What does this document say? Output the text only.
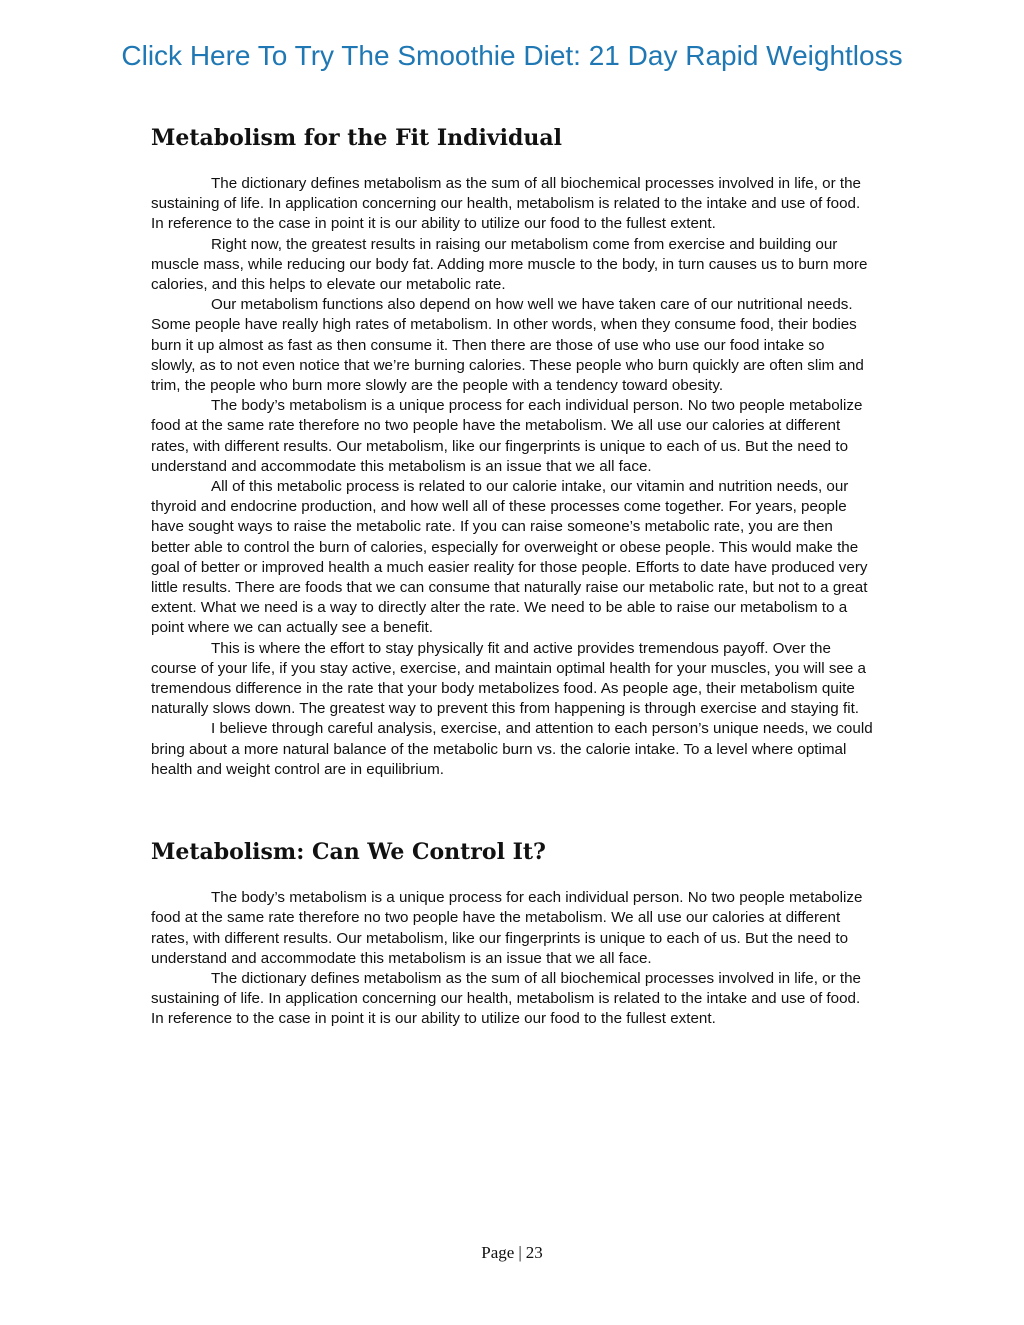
Click Here To Try The Smoothie Diet: 21 Day Rapid Weightloss
Metabolism for the Fit Individual

The dictionary defines metabolism as the sum of all biochemical processes involved in life, or the sustaining of life. In application concerning our health, metabolism is related to the intake and use of food. In reference to the case in point it is our ability to utilize our food to the fullest extent.

Right now, the greatest results in raising our metabolism come from exercise and building our muscle mass, while reducing our body fat. Adding more muscle to the body, in turn causes us to burn more calories, and this helps to elevate our metabolic rate.

Our metabolism functions also depend on how well we have taken care of our nutritional needs. Some people have really high rates of metabolism. In other words, when they consume food, their bodies burn it up almost as fast as then consume it. Then there are those of use who use our food intake so slowly, as to not even notice that we’re burning calories. These people who burn quickly are often slim and trim, the people who burn more slowly are the people with a tendency toward obesity.

The body’s metabolism is a unique process for each individual person. No two people metabolize food at the same rate therefore no two people have the metabolism. We all use our calories at different rates, with different results. Our metabolism, like our fingerprints is unique to each of us. But the need to understand and accommodate this metabolism is an issue that we all face.

All of this metabolic process is related to our calorie intake, our vitamin and nutrition needs, our thyroid and endocrine production, and how well all of these processes come together. For years, people have sought ways to raise the metabolic rate. If you can raise someone’s metabolic rate, you are then better able to control the burn of calories, especially for overweight or obese people. This would make the goal of better or improved health a much easier reality for those people. Efforts to date have produced very little results. There are foods that we can consume that naturally raise our metabolic rate, but not to a great extent. What we need is a way to directly alter the rate. We need to be able to raise our metabolism to a point where we can actually see a benefit.

This is where the effort to stay physically fit and active provides tremendous payoff. Over the course of your life, if you stay active, exercise, and maintain optimal health for your muscles, you will see a tremendous difference in the rate that your body metabolizes food. As people age, their metabolism quite naturally slows down. The greatest way to prevent this from happening is through exercise and staying fit.

I believe through careful analysis, exercise, and attention to each person’s unique needs, we could bring about a more natural balance of the metabolic burn vs. the calorie intake. To a level where optimal health and weight control are in equilibrium.

Metabolism: Can We Control It?

The body’s metabolism is a unique process for each individual person. No two people metabolize food at the same rate therefore no two people have the metabolism. We all use our calories at different rates, with different results. Our metabolism, like our fingerprints is unique to each of us. But the need to understand and accommodate this metabolism is an issue that we all face.

The dictionary defines metabolism as the sum of all biochemical processes involved in life, or the sustaining of life. In application concerning our health, metabolism is related to the intake and use of food. In reference to the case in point it is our ability to utilize our food to the fullest extent.

Page | 23
